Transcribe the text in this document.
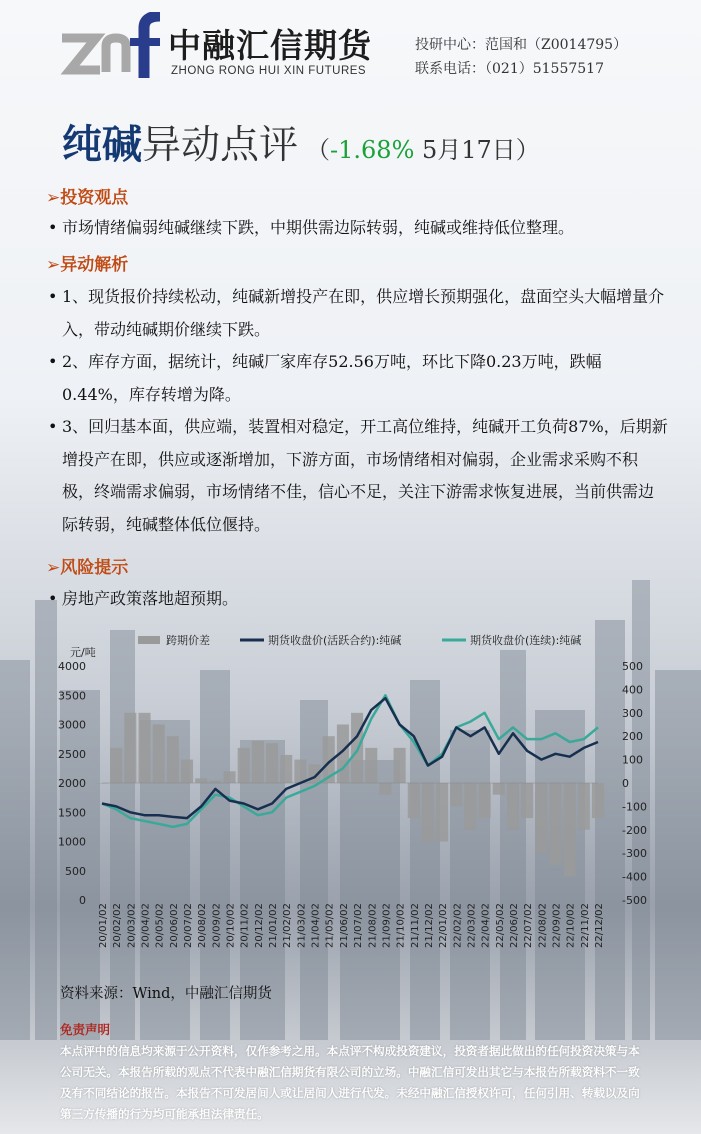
中融汇信期货
ZHONG RONG HUI XIN FUTURES
投研中心：范国和（Z0014795）
联系电话：（021）51557517
纯碱异动点评 （-1.68% 5月17日）
➢投资观点
• 市场情绪偏弱纯碱继续下跌，中期供需边际转弱，纯碱或维持低位整理。
➢异动解析
• 1、现货报价持续松动，纯碱新增投产在即，供应增长预期强化，盘面空头大幅增量介入，带动纯碱期价继续下跌。
• 2、库存方面，据统计，纯碱厂家库存52.56万吨，环比下降0.23万吨，跌幅0.44%，库存转增为降。
• 3、回归基本面，供应端，装置相对稳定，开工高位维持，纯碱开工负荷87%，后期新增投产在即，供应或逐渐增加，下游方面，市场情绪相对偏弱，企业需求采购不积极，终端需求偏弱，市场情绪不佳，信心不足，关注下游需求恢复进展，当前供需边际转弱，纯碱整体低位偃持。
➢风险提示
• 房地产政策落地超预期。
跨期价差	期货收盘价(活跃合约):纯碱	期货收盘价(连续):纯碱
元/吨
4000
3500
3000
2500
2000
1500
1000
500
0
500
400
300
200
100
0
-100
-200
-300
-400
-500
20/01/02 20/02/02 20/03/02 20/04/02 20/05/02 20/06/02 20/07/02 20/08/02 20/09/02 20/10/02 20/11/02 20/12/02 21/01/02 21/02/02 21/03/02 21/04/02 21/05/02 21/06/02 21/07/02 21/08/02 21/09/02 21/10/02 21/11/02 21/12/02 22/01/02 22/02/02 22/03/02 22/04/02 22/05/02 22/06/02 22/07/02 22/08/02 22/09/02 22/10/02 22/11/02 22/12/02
资料来源：Wind，中融汇信期货
免责声明
本点评中的信息均来源于公开资料，仅作参考之用。本点评不构成投资建议，投资者据此做出的任何投资决策与本公司无关。本报告所载的观点不代表中融汇信期货有限公司的立场。中融汇信可发出其它与本报告所载资料不一致及有不同结论的报告。本报告不可发居间人或让居间人进行代发。未经中融汇信授权许可，任何引用、转载以及向第三方传播的行为均可能承担法律责任。
